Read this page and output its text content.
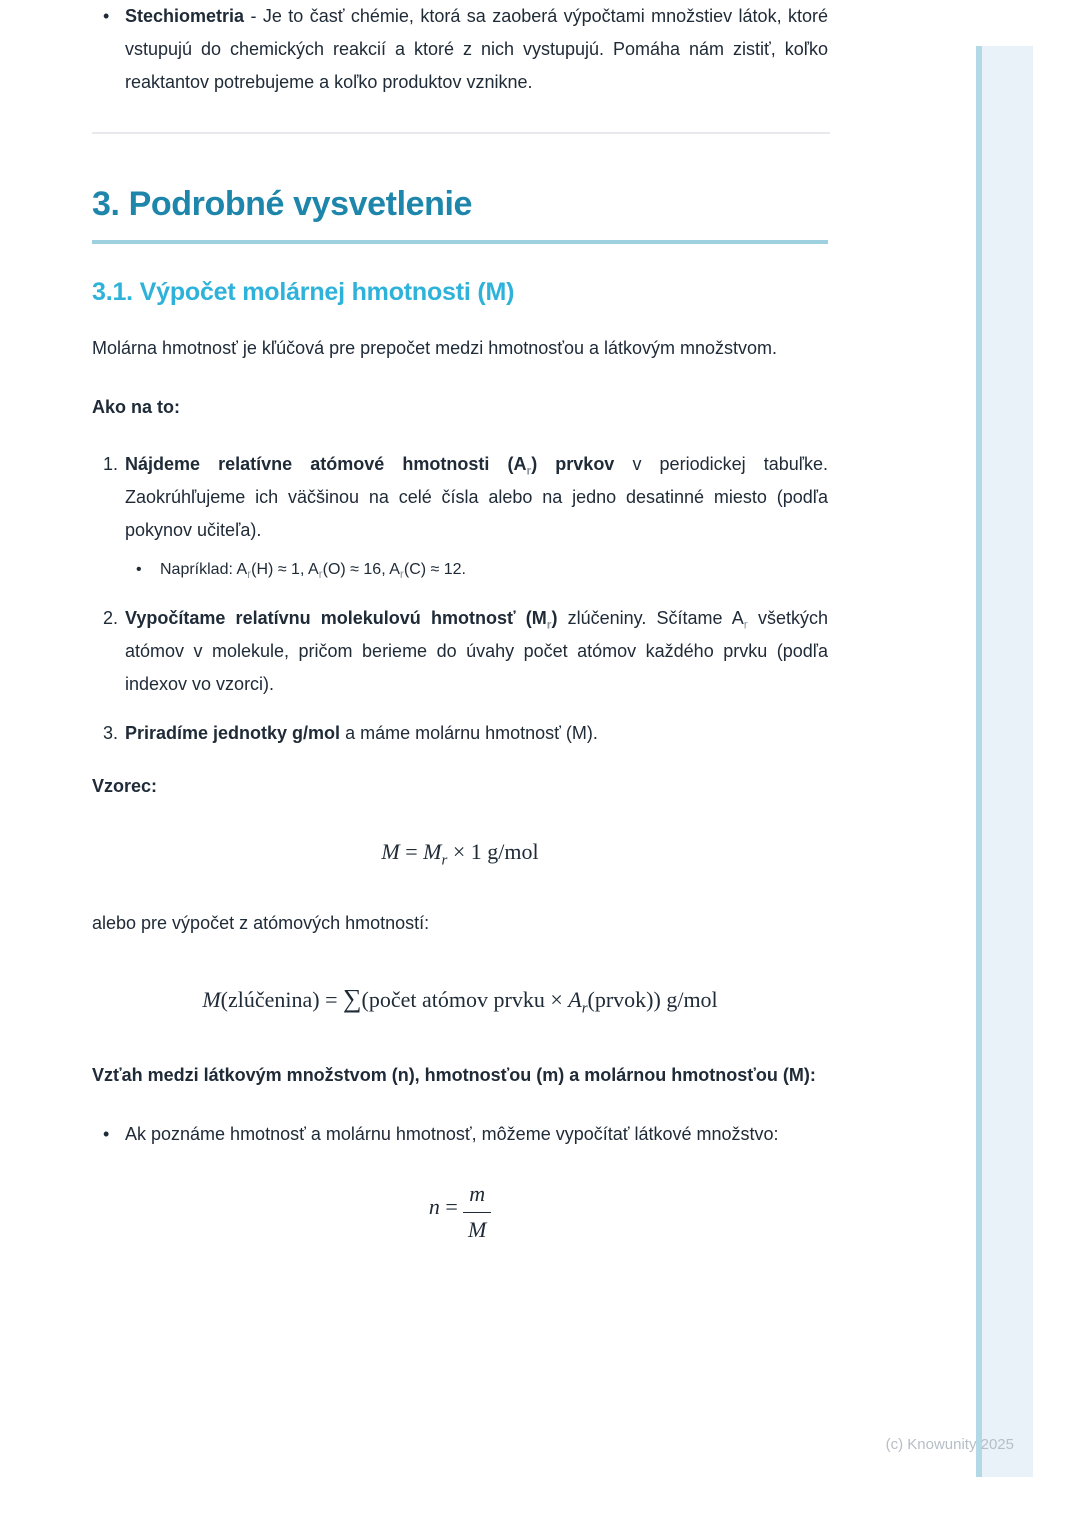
• Stechiometria - Je to časť chémie, ktorá sa zaoberá výpočtami množstiev látok, ktoré vstupujú do chemických reakcií a ktoré z nich vystupujú. Pomáha nám zistiť, koľko reaktantov potrebujeme a koľko produktov vznikne.
3. Podrobné vysvetlenie
3.1. Výpočet molárnej hmotnosti (M)

Molárna hmotnosť je kľúčová pre prepočet medzi hmotnosťou a látkovým množstvom.

Ako na to:

1. Nájdeme relatívne atómové hmotnosti $(A_r)$ prvkov v periodickej tabuľke. Zaokrúhľujeme ich väčšinou na celé čísla alebo na jedno desatinné miesto (podľa pokynov učiteľa).
•	Napríklad: $A_r(H) \approx 1$, $A_r(O) \approx 16$, $A_r(C) \approx 12$.
2. Vypočítame relatívnu molekulovú hmotnosť $(M_r)$ zlúčeniny. Sčítame $A_r$ všetkých atómov v molekule, pričom berieme do úvahy počet atómov každého prvku (podľa indexov vo vzorci).
3. Priradíme jednotky g/mol a máme molárnu hmotnosť (M).

Vzorec:

$M = M_r \times 1$ g/mol

alebo pre výpočet z atómových hmotností:

M(zlúčenina) = ∑(počet atómov prvku × $A_r(prvok)$) g/mol

Vzťah medzi látkovým množstvom (n), hmotnosťou (m) a molárnou hmotnosťou (M):

• Ak poznáme hmotnosť a molárnu hmotnosť, môžeme vypočítať látkové množstvo:
$n = \frac{m}{M}$
(c) Knowunity 2025
